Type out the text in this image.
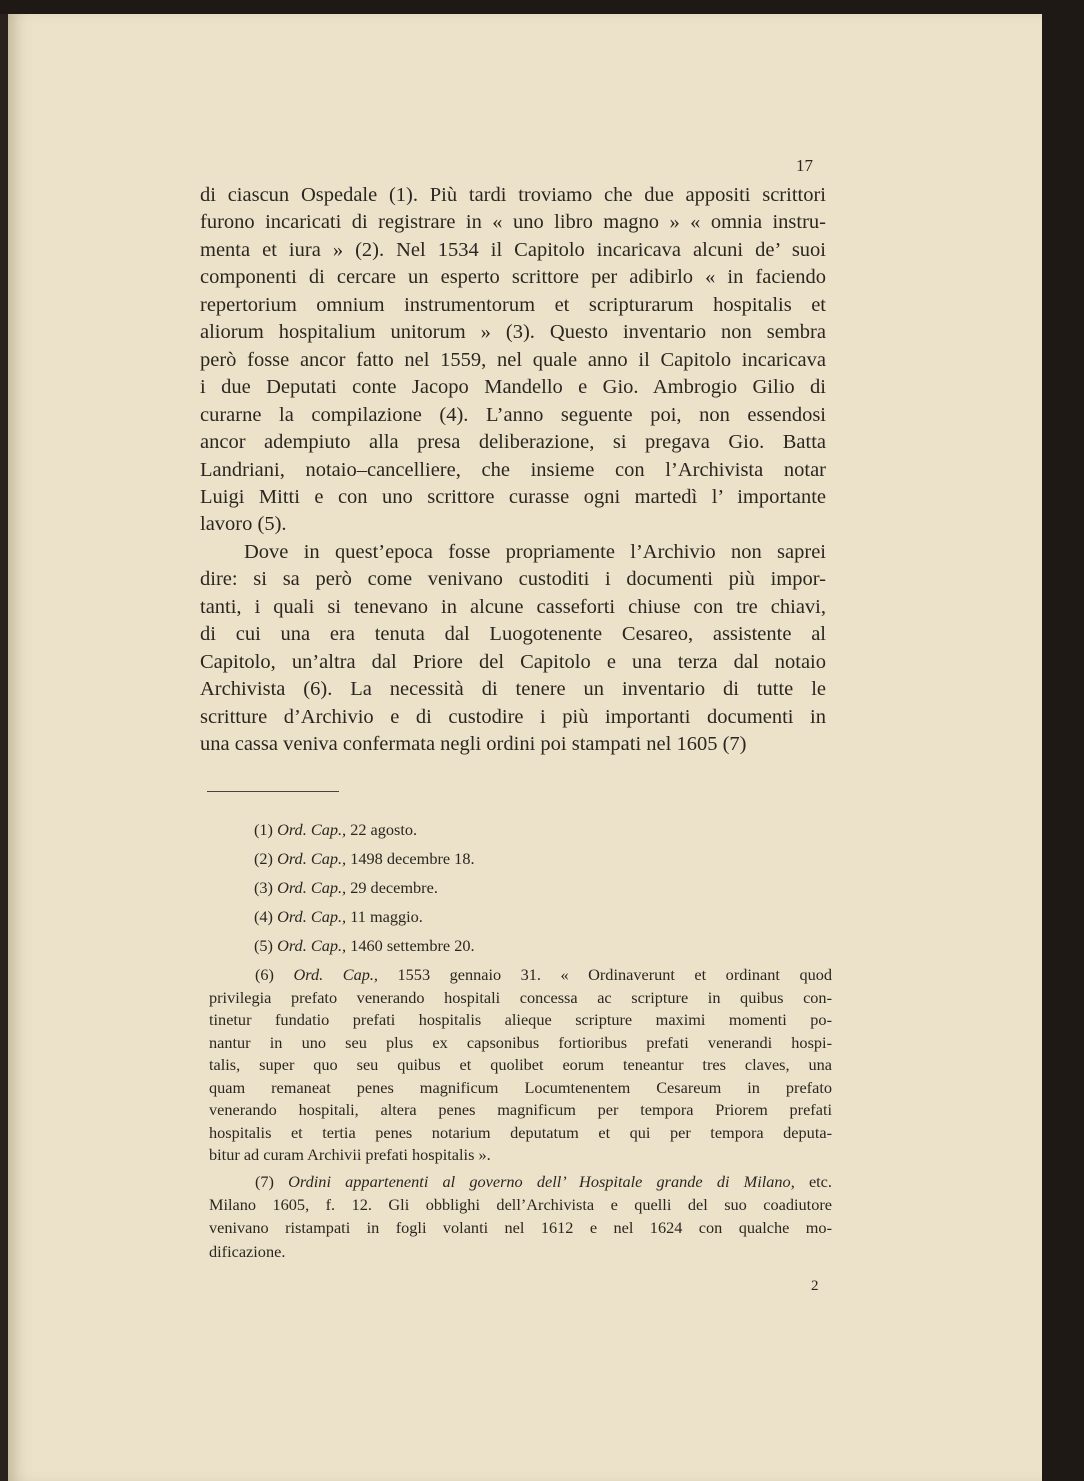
17
di ciascun Ospedale (1). Più tardi troviamo che due appositi scrittori
furono incaricati di registrare in « uno libro magno » « omnia instru-
menta et iura » (2). Nel 1534 il Capitolo incaricava alcuni de’ suoi
componenti di cercare un esperto scrittore per adibirlo « in faciendo
repertorium omnium instrumentorum et scripturarum hospitalis et
aliorum hospitalium unitorum » (3). Questo inventario non sembra
però fosse ancor fatto nel 1559, nel quale anno il Capitolo incaricava
i due Deputati conte Jacopo Mandello e Gio. Ambrogio Gilio di
curarne la compilazione (4). L’anno seguente poi, non essendosi
ancor adempiuto alla presa deliberazione, si pregava Gio. Batta
Landriani, notaio–cancelliere, che insieme con l’Archivista notar
Luigi Mitti e con uno scrittore curasse ogni martedì l’ importante
lavoro (5).
Dove in quest’epoca fosse propriamente l’Archivio non saprei
dire: si sa però come venivano custoditi i documenti più impor-
tanti, i quali si tenevano in alcune casseforti chiuse con tre chiavi,
di cui una era tenuta dal Luogotenente Cesareo, assistente al
Capitolo, un’altra dal Priore del Capitolo e una terza dal notaio
Archivista (6). La necessità di tenere un inventario di tutte le
scritture d’Archivio e di custodire i più importanti documenti in
una cassa veniva confermata negli ordini poi stampati nel 1605 (7)
(1) Ord. Cap., 22 agosto.
(2) Ord. Cap., 1498 decembre 18.
(3) Ord. Cap., 29 decembre.
(4) Ord. Cap., 11 maggio.
(5) Ord. Cap., 1460 settembre 20.
(6) Ord. Cap., 1553 gennaio 31. « Ordinaverunt et ordinant quod
privilegia prefato venerando hospitali concessa ac scripture in quibus con-
tinetur fundatio prefati hospitalis alieque scripture maximi momenti po-
nantur in uno seu plus ex capsonibus fortioribus prefati venerandi hospi-
talis, super quo seu quibus et quolibet eorum teneantur tres claves, una
quam remaneat penes magnificum Locumtenentem Cesareum in prefato
venerando hospitali, altera penes magnificum per tempora Priorem prefati
hospitalis et tertia penes notarium deputatum et qui per tempora deputa-
bitur ad curam Archivii prefati hospitalis ».
(7) Ordini appartenenti al governo dell’ Hospitale grande di Milano, etc.
Milano 1605, f. 12. Gli obblighi dell’Archivista e quelli del suo coadiutore
venivano ristampati in fogli volanti nel 1612 e nel 1624 con qualche mo-
dificazione.
2
